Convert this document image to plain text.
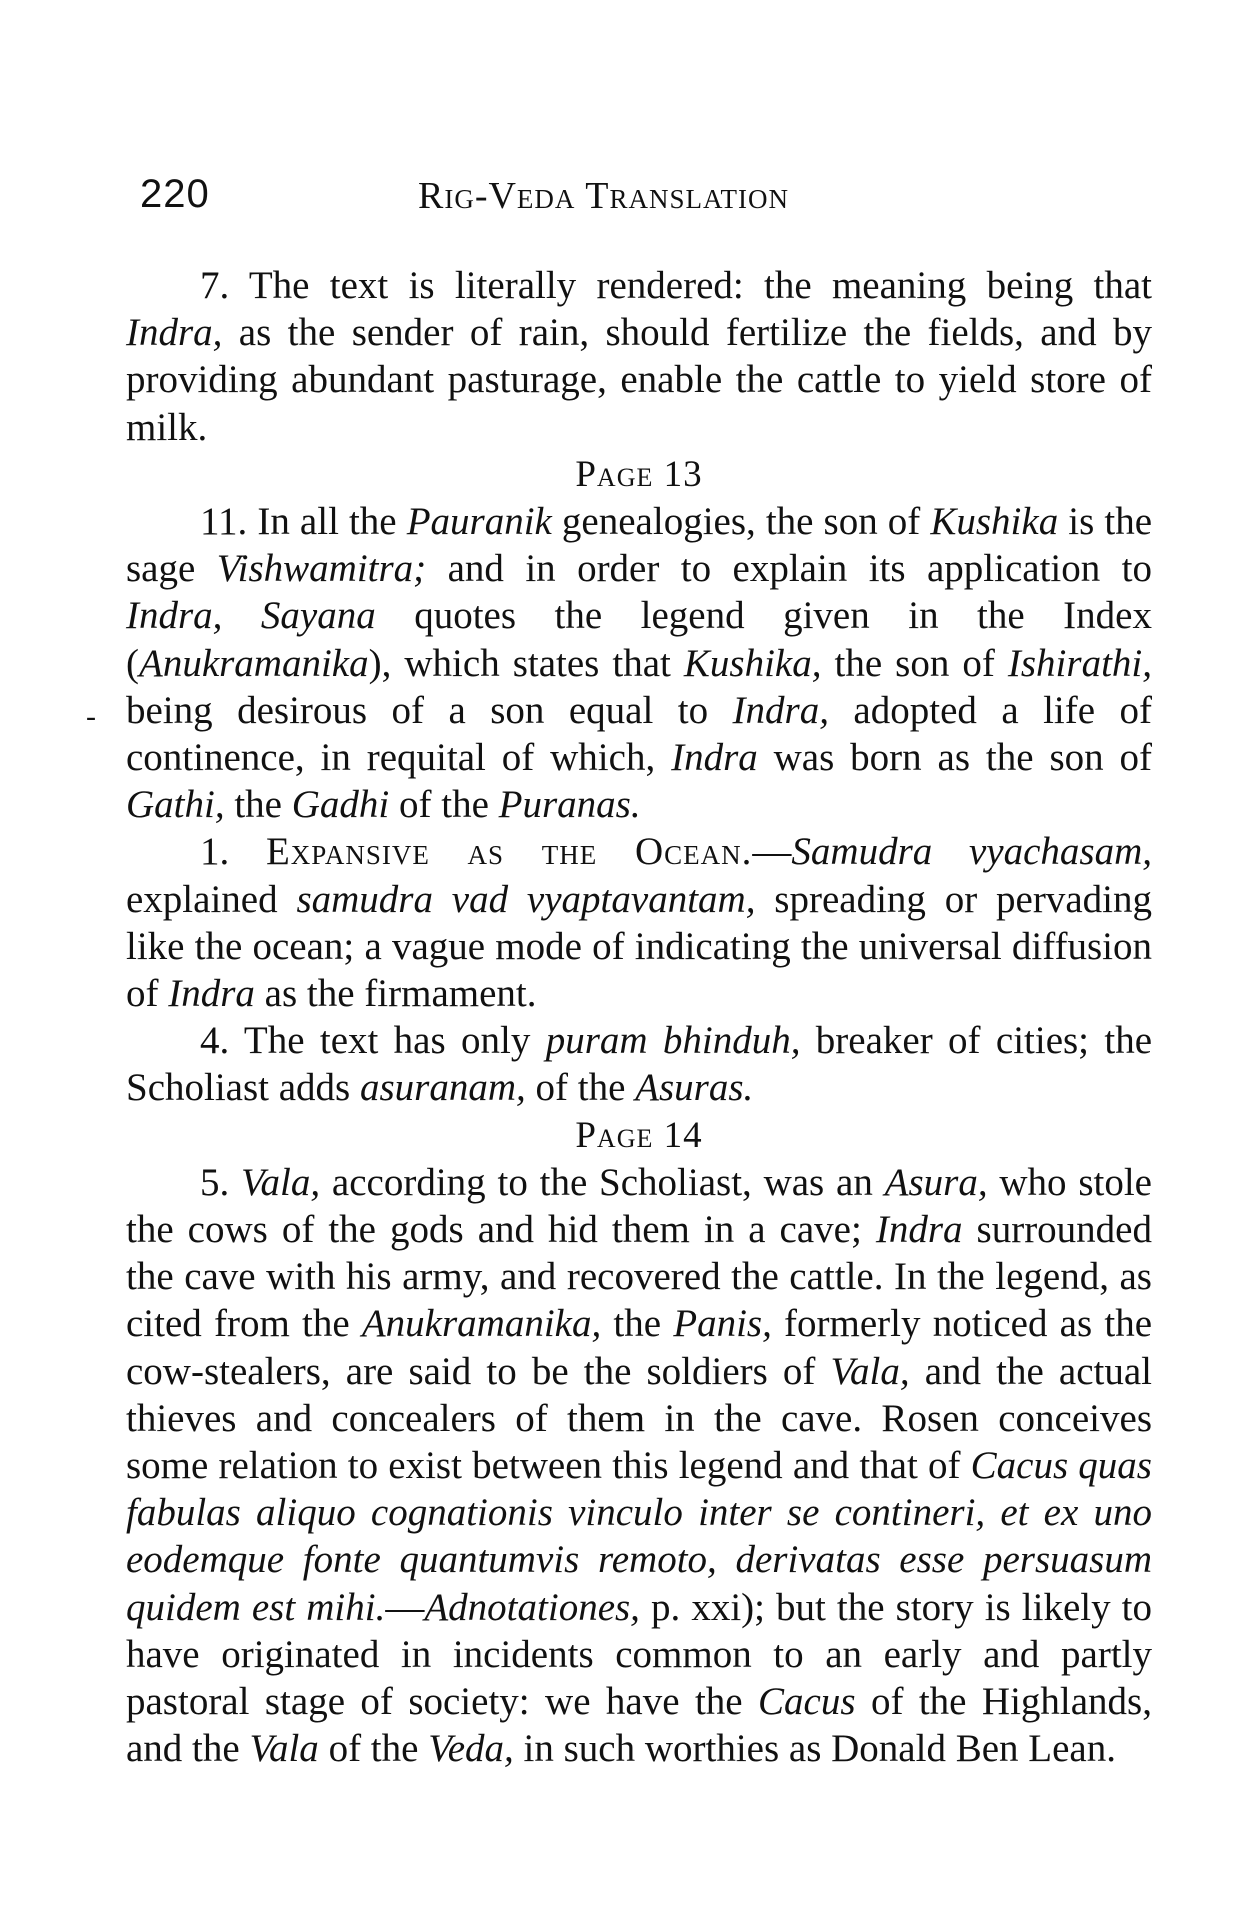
220	Rig-Veda Translation
-

7. The text is literally rendered: the meaning being that Indra, as the sender of rain, should fertilize the fields, and by providing abundant pasturage, enable the cattle to yield store of milk.

Page 13

11. In all the Pauranik genealogies, the son of Kushika is the sage Vishwamitra; and in order to explain its application to Indra, Sayana quotes the legend given in the Index (Anukramanika), which states that Kushika, the son of Ishirathi, being desirous of a son equal to Indra, adopted a life of continence, in requital of which, Indra was born as the son of Gathi, the Gadhi of the Puranas.

1. Expansive as the Ocean.—Samudra vyachasam, explained samudra vad vyaptavantam, spreading or pervading like the ocean; a vague mode of indicating the universal diffusion of Indra as the firmament.

4. The text has only puram bhinduh, breaker of cities; the Scholiast adds asuranam, of the Asuras.

Page 14

5. Vala, according to the Scholiast, was an Asura, who stole the cows of the gods and hid them in a cave; Indra surrounded the cave with his army, and recovered the cattle. In the legend, as cited from the Anukramanika, the Panis, formerly noticed as the cow-stealers, are said to be the soldiers of Vala, and the actual thieves and concealers of them in the cave. Rosen conceives some relation to exist between this legend and that of Cacus quas fabulas aliquo cognationis vinculo inter se contineri, et ex uno eodemque fonte quantumvis remoto, derivatas esse persuasum quidem est mihi.—Adnotationes, p. xxi); but the story is likely to have originated in incidents common to an early and partly pastoral stage of society: we have the Cacus of the Highlands, and the Vala of the Veda, in such worthies as Donald Ben Lean.
